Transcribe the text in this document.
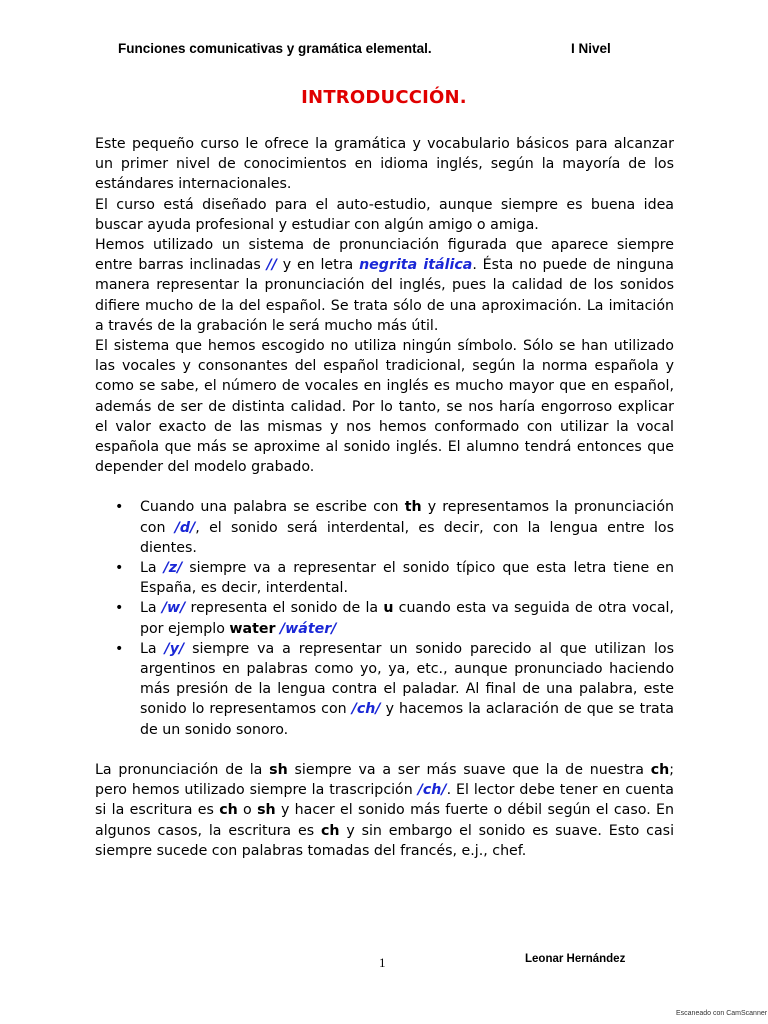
Funciones comunicativas y gramática elemental.	I Nivel
INTRODUCCIÓN.

Este pequeño curso le ofrece la gramática y vocabulario básicos para alcanzar un primer nivel de conocimientos en idioma inglés, según la mayoría de los estándares internacionales.

El curso está diseñado para el auto-estudio, aunque siempre es buena idea buscar ayuda profesional y estudiar con algún amigo o amiga.

Hemos utilizado un sistema de pronunciación figurada que aparece siempre entre barras inclinadas // y en letra negrita itálica. Ésta no puede de ninguna manera representar la pronunciación del inglés, pues la calidad de los sonidos difiere mucho de la del español. Se trata sólo de una aproximación. La imitación a través de la grabación le será mucho más útil.

El sistema que hemos escogido no utiliza ningún símbolo. Sólo se han utilizado las vocales y consonantes del español tradicional, según la norma española y como se sabe, el número de vocales en inglés es mucho mayor que en español, además de ser de distinta calidad. Por lo tanto, se nos haría engorroso explicar el valor exacto de las mismas y nos hemos conformado con utilizar la vocal española que más se aproxime al sonido inglés. El alumno tendrá entonces que depender del modelo grabado.

• Cuando una palabra se escribe con th y representamos la pronunciación con /d/, el sonido será interdental, es decir, con la lengua entre los dientes.
• La /z/ siempre va a representar el sonido típico que esta letra tiene en España, es decir, interdental.
• La /w/ representa el sonido de la u cuando esta va seguida de otra vocal, por ejemplo water /wáter/
• La /y/ siempre va a representar un sonido parecido al que utilizan los argentinos en palabras como yo, ya, etc., aunque pronunciado haciendo más presión de la lengua contra el paladar. Al final de una palabra, este sonido lo representamos con /ch/ y hacemos la aclaración de que se trata de un sonido sonoro.

La pronunciación de la sh siempre va a ser más suave que la de nuestra ch; pero hemos utilizado siempre la trascripción /ch/. El lector debe tener en cuenta si la escritura es ch o sh y hacer el sonido más fuerte o débil según el caso. En algunos casos, la escritura es ch y sin embargo el sonido es suave. Esto casi siempre sucede con palabras tomadas del francés, e.j., chef.

1	Leonar Hernández
Escaneado con CamScanner
